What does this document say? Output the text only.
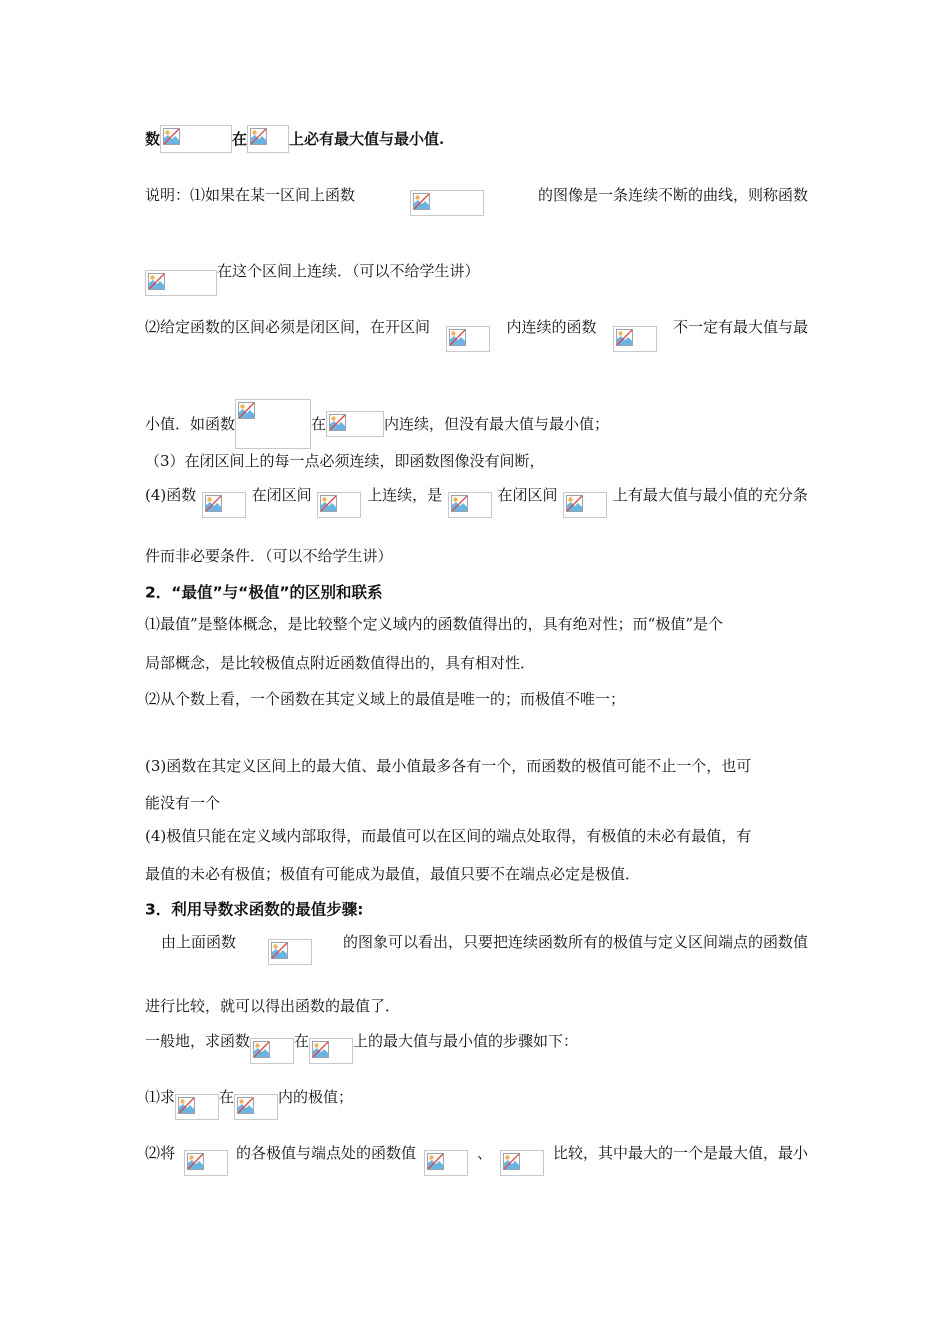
数	在	上必有最大值与最小值.
说明：⑴如果在某一区间上函数	的图像是一条连续不断的曲线，则称函数
在这个区间上连续．（可以不给学生讲）
⑵给定函数的区间必须是闭区间，在开区间	内连续的函数	不一定有最大值与最
小值．如函数	在	内连续，但没有最大值与最小值；
（3）在闭区间上的每一点必须连续，即函数图像没有间断，
(4)函数	在闭区间	上连续，是	在闭区间	上有最大值与最小值的充分条
件而非必要条件．（可以不给学生讲）
2．“最值”与“极值”的区别和联系
⑴最值”是整体概念，是比较整个定义域内的函数值得出的，具有绝对性；而“极值”是个
局部概念，是比较极值点附近函数值得出的，具有相对性．
⑵从个数上看，一个函数在其定义域上的最值是唯一的；而极值不唯一；
(3)函数在其定义区间上的最大值、最小值最多各有一个，而函数的极值可能不止一个，也可
能没有一个
(4)极值只能在定义域内部取得，而最值可以在区间的端点处取得，有极值的未必有最值，有
最值的未必有极值；极值有可能成为最值，最值只要不在端点必定是极值．
3．利用导数求函数的最值步骤:
由上面函数	的图象可以看出，只要把连续函数所有的极值与定义区间端点的函数值
进行比较，就可以得出函数的最值了．
一般地，求函数	在	上的最大值与最小值的步骤如下：
⑴求	在	内的极值；
⑵将	的各极值与端点处的函数值	、	比较，其中最大的一个是最大值，最小
